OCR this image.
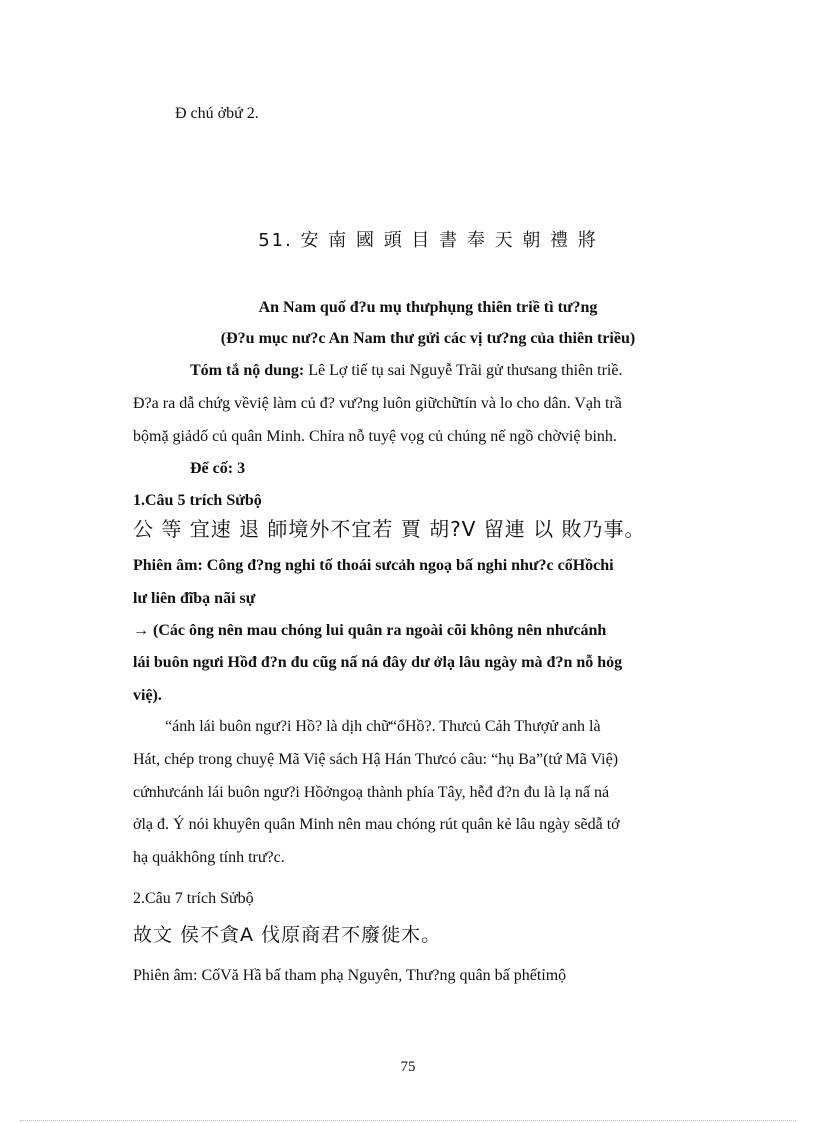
Đ chú ởbứ 2.
51. 安 南 國 頭 目 書 奉 天 朝 禮 將
An Nam quố đ?u mụ thưphụng thiên triề tì tư?ng
(Đ?u mục nư?c An Nam thư gửi các vị tư?ng của thiên triều)
Tóm tắ nộ dung: Lê Lợ tiế tụ sai Nguyễ Trãi gử thưsang thiên triề.
Đ?a ra dẫ chứg vềviệ làm củ đ? vư?ng luôn giữchữtín và lo cho dân. Vạh trầ
bộmặ giảdố củ quân Minh. Chỉra nỗ tuyệ vọg củ chúng nế ngồ chờviệ binh.
Để cố: 3
1.Câu 5 trích Sửbộ
公 等 宜速 退 師境外不宜若 賈 胡?V 留連 以 敗乃事。
Phiên âm: Công đ?ng nghi tố thoái sưcảh ngoạ bấ nghi như?c cổHồchi
lư liên đĩbạ nãi sự
→ (Các ông nên mau chóng lui quân ra ngoài cõi không nên nhưcánh
lái buôn ngưi Hồđ đ?n đu cũg nấ ná đây dư ởlạ lâu ngày mà đ?n nỗ hỏg
việ).
“ánh lái buôn ngư?i Hồ? là dịh chữ“ổHồ?. Thưcủ Cảh Thượử anh là
Hát, chép trong chuyệ Mã Việ sách Hậ Hán Thưcó câu: “hụ Ba”(tứ Mã Việ)
cứnhưcánh lái buôn ngư?i Hồởngoạ thành phía Tây, hễđ đ?n đu là lạ nấ ná
ởlạ đ. Ý nói khuyên quân Minh nên mau chóng rút quân kẻ lâu ngày sẽdẫ tớ
hạ quảkhông tính trư?c.
2.Câu 7 trích Sửbộ
故文 侯不貪A 伐原商君不廢徙木。
Phiên âm: CốVă Hầ bấ tham phạ Nguyên, Thư?ng quân bấ phếtỉmộ
75
